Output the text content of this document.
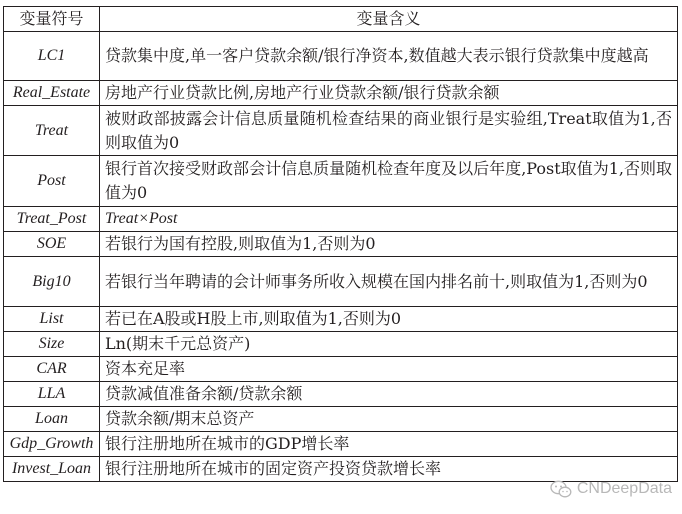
变量符号	变量含义
LC1	贷款集中度,单一客户贷款余额/银行净资本,数值越大表示银行贷款集中度越高
Real_Estate	房地产行业贷款比例,房地产行业贷款余额/银行贷款余额
Treat	被财政部披露会计信息质量随机检查结果的商业银行是实验组,Treat取值为1,否则取值为0
Post	银行首次接受财政部会计信息质量随机检查年度及以后年度,Post取值为1,否则取值为0
Treat_Post	Treat×Post
SOE	若银行为国有控股,则取值为1,否则为0
Big10	若银行当年聘请的会计师事务所收入规模在国内排名前十,则取值为1,否则为0
List	若已在A股或H股上市,则取值为1,否则为0
Size	Ln(期末千元总资产)
CAR	资本充足率
LLA	贷款减值准备余额/贷款余额
Loan	贷款余额/期末总资产
Gdp_Growth	银行注册地所在城市的GDP增长率
Invest_Loan	银行注册地所在城市的固定资产投资贷款增长率
CNDeepData
